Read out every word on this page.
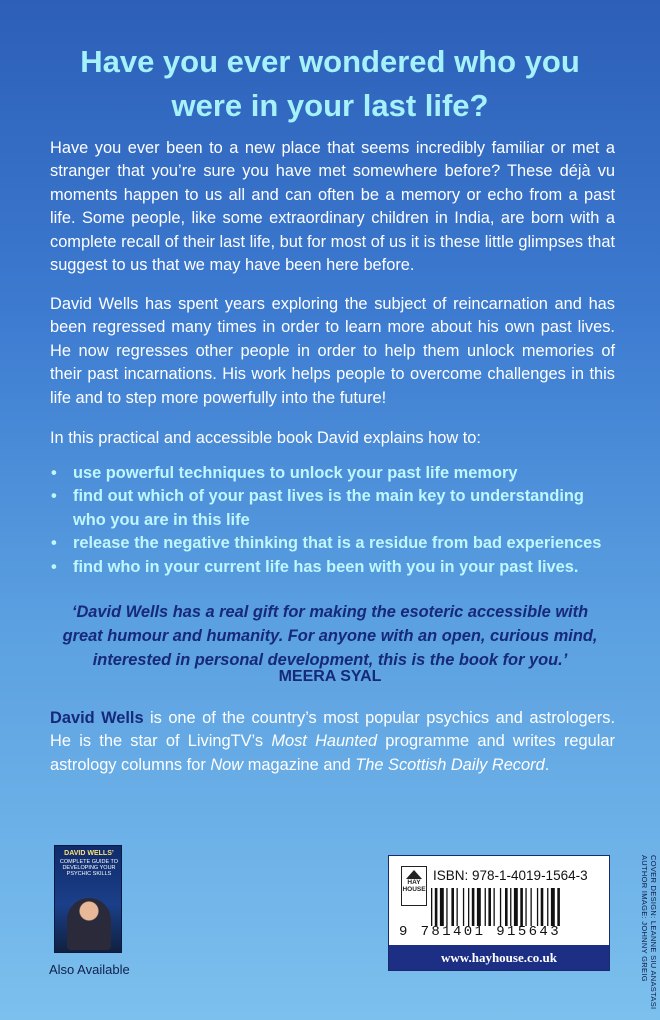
Have you ever wondered who you
were in your last life?

Have you ever been to a new place that seems incredibly familiar or met a stranger that you’re sure you have met somewhere before? These déjà vu moments happen to us all and can often be a memory or echo from a past life. Some people, like some extraordinary children in India, are born with a complete recall of their last life, but for most of us it is these little glimpses that suggest to us that we may have been here before.

David Wells has spent years exploring the subject of reincarnation and has been regressed many times in order to learn more about his own past lives. He now regresses other people in order to help them unlock memories of their past incarnations. His work helps people to overcome challenges in this life and to step more powerfully into the future!

In this practical and accessible book David explains how to:

• use powerful techniques to unlock your past life memory
• find out which of your past lives is the main key to understanding who you are in this life
• release the negative thinking that is a residue from bad experiences
• find who in your current life has been with you in your past lives.

‘David Wells has a real gift for making the esoteric accessible with great humour and humanity. For anyone with an open, curious mind, interested in personal development, this is the book for you.’

MEERA SYAL

David Wells is one of the country’s most popular psychics and astrologers. He is the star of LivingTV’s Most Haunted programme and writes regular astrology columns for Now magazine and The Scottish Daily Record.

DAVID WELLS’
COMPLETE GUIDE TO DEVELOPING YOUR PSYCHIC SKILLS
Also Available
HAY
HOUSE
ISBN: 978-1-4019-1564-3
9 781401 915643
www.hayhouse.co.uk	COVER DESIGN: LEANNE SIU ANASTASI
AUTHOR IMAGE: JOHNNY GREIG
